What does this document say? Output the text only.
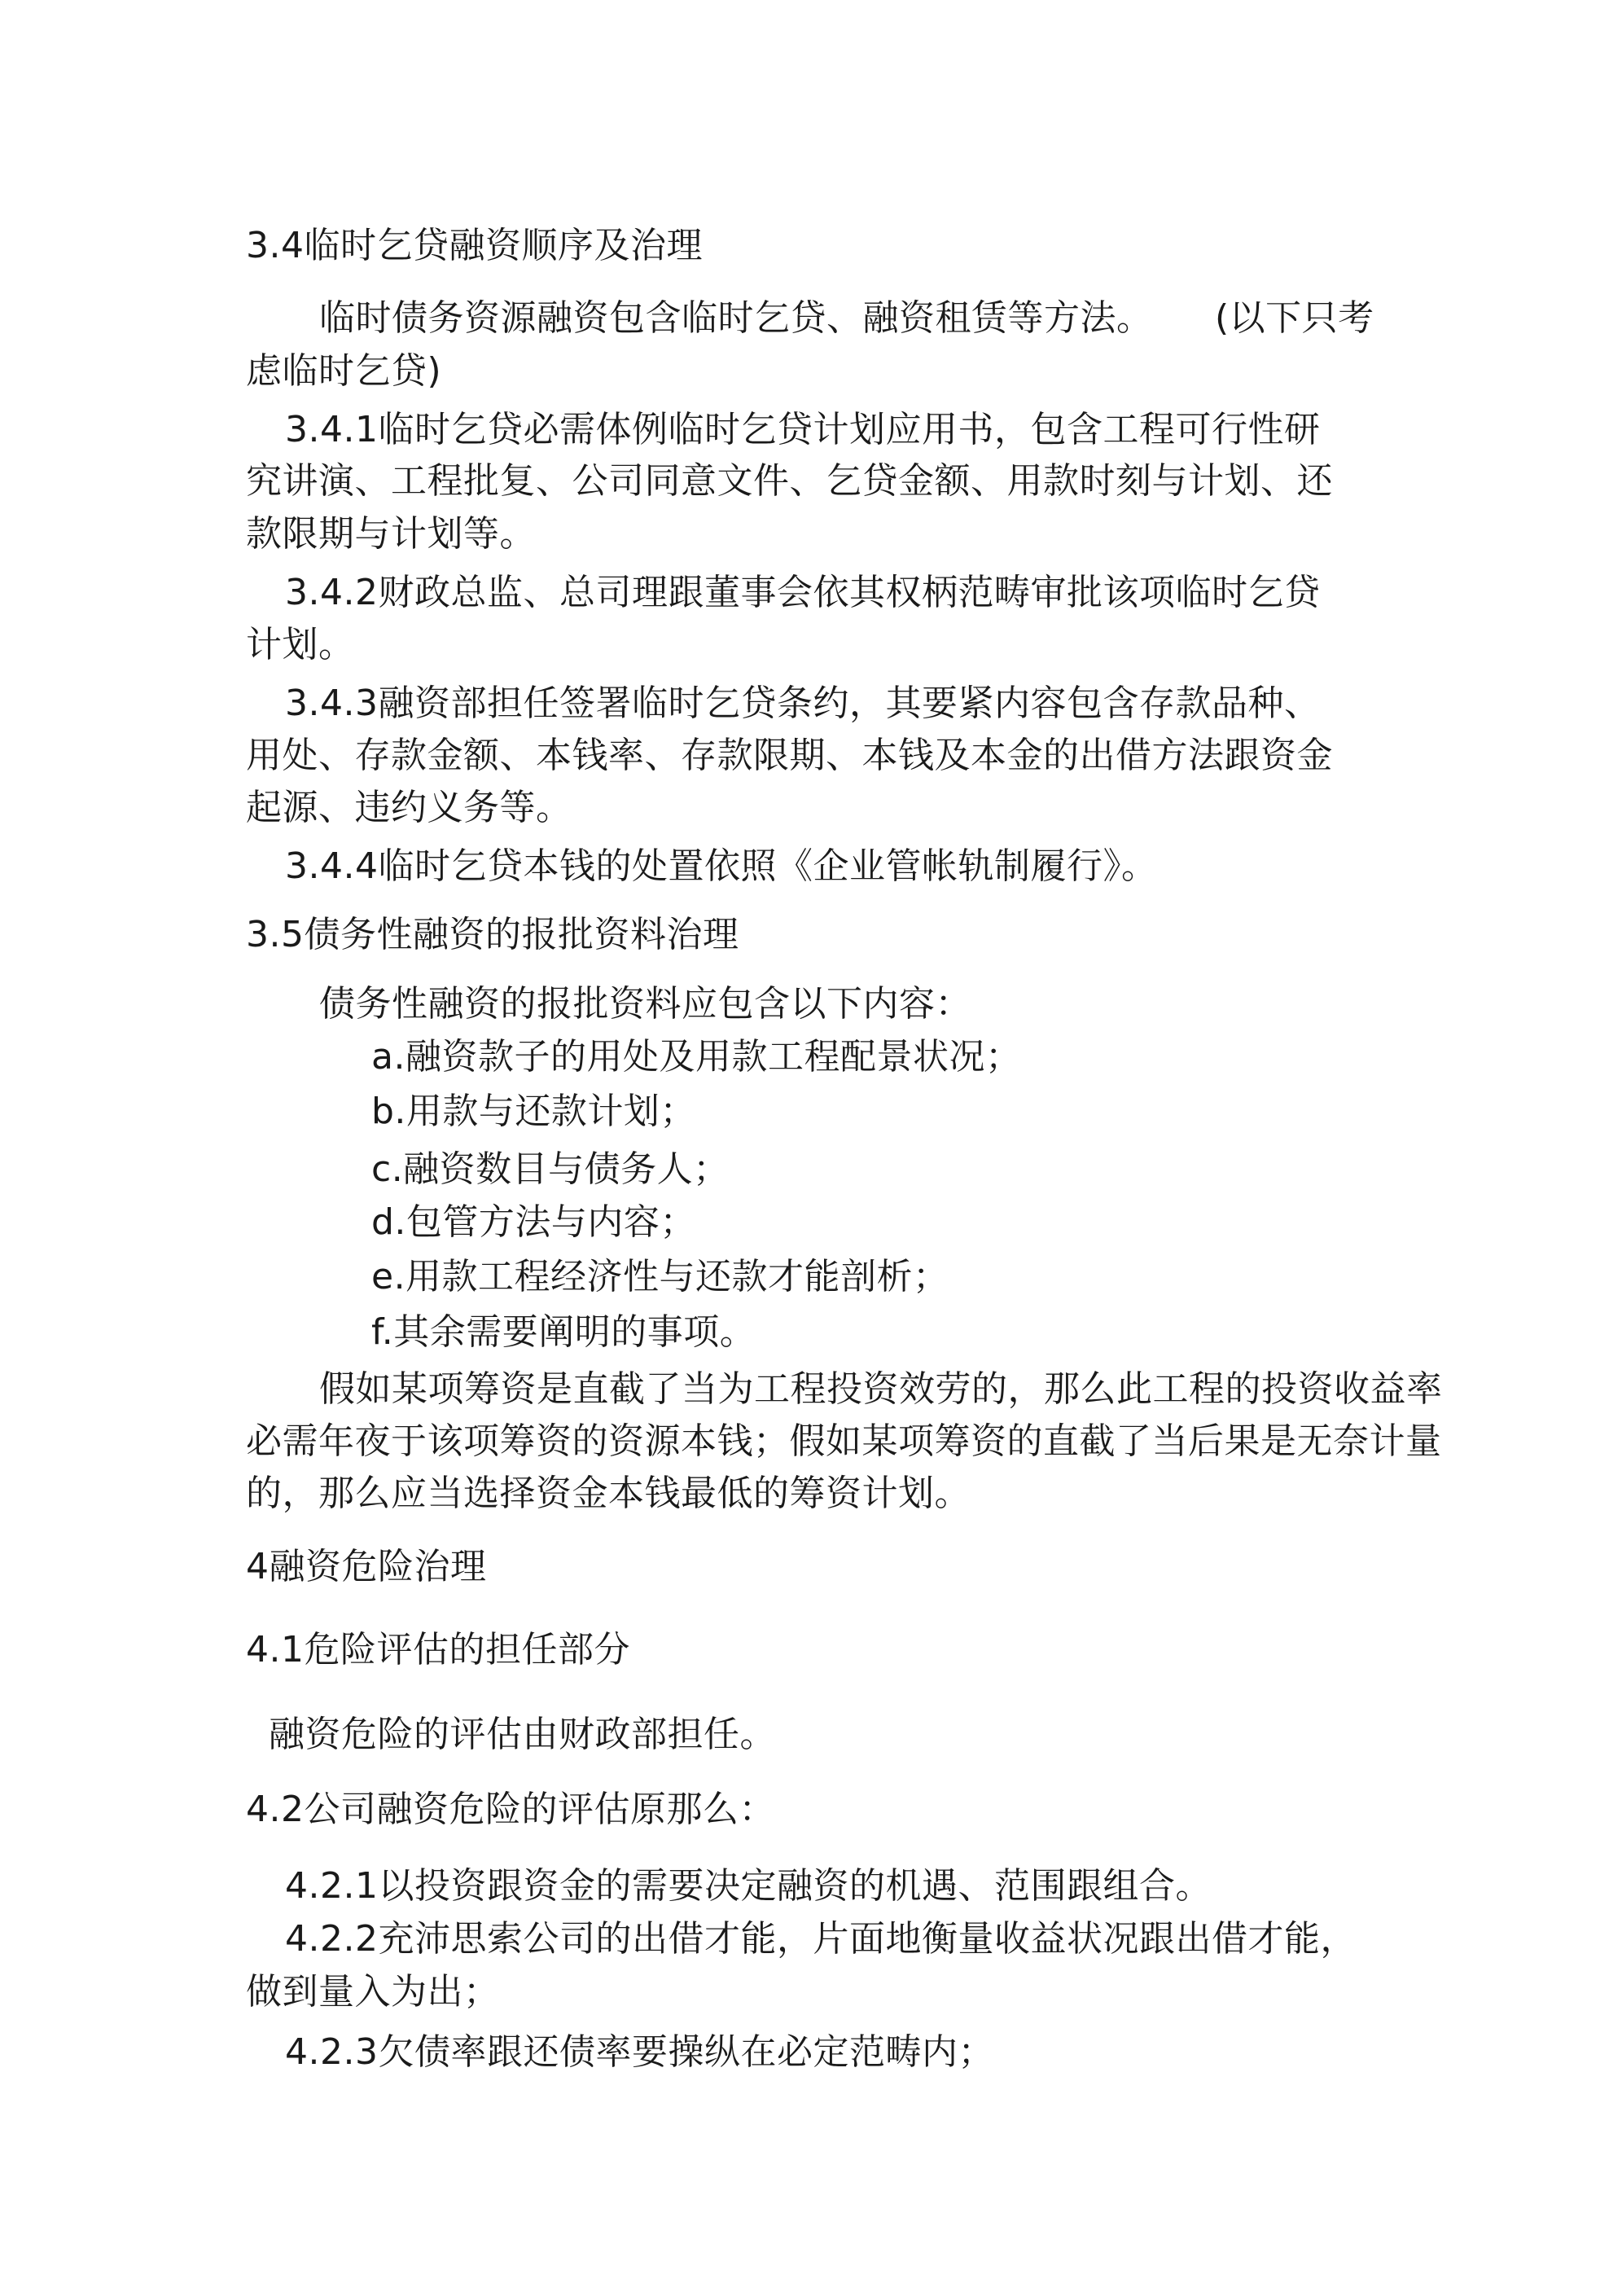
3.4临时乞贷融资顺序及治理
临时债务资源融资包含临时乞贷、融资租赁等方法。 (以下只考
虑临时乞贷)
3.4.1临时乞贷必需体例临时乞贷计划应用书，包含工程可行性研
究讲演、工程批复、公司同意文件、乞贷金额、用款时刻与计划、还
款限期与计划等。
3.4.2财政总监、总司理跟董事会依其权柄范畴审批该项临时乞贷
计划。
3.4.3融资部担任签署临时乞贷条约，其要紧内容包含存款品种、
用处、存款金额、本钱率、存款限期、本钱及本金的出借方法跟资金
起源、违约义务等。
3.4.4临时乞贷本钱的处置依照《企业管帐轨制履行》。
3.5债务性融资的报批资料治理
债务性融资的报批资料应包含以下内容：
a.融资款子的用处及用款工程配景状况；
b.用款与还款计划；
c.融资数目与债务人；
d.包管方法与内容；
e.用款工程经济性与还款才能剖析；
f.其余需要阐明的事项。
假如某项筹资是直截了当为工程投资效劳的，那么此工程的投资收益率
必需年夜于该项筹资的资源本钱；假如某项筹资的直截了当后果是无奈计量
的，那么应当选择资金本钱最低的筹资计划。
4融资危险治理
4.1危险评估的担任部分
融资危险的评估由财政部担任。
4.2公司融资危险的评估原那么：
4.2.1以投资跟资金的需要决定融资的机遇、范围跟组合。
4.2.2充沛思索公司的出借才能，片面地衡量收益状况跟出借才能，
做到量入为出；
4.2.3欠债率跟还债率要操纵在必定范畴内；
